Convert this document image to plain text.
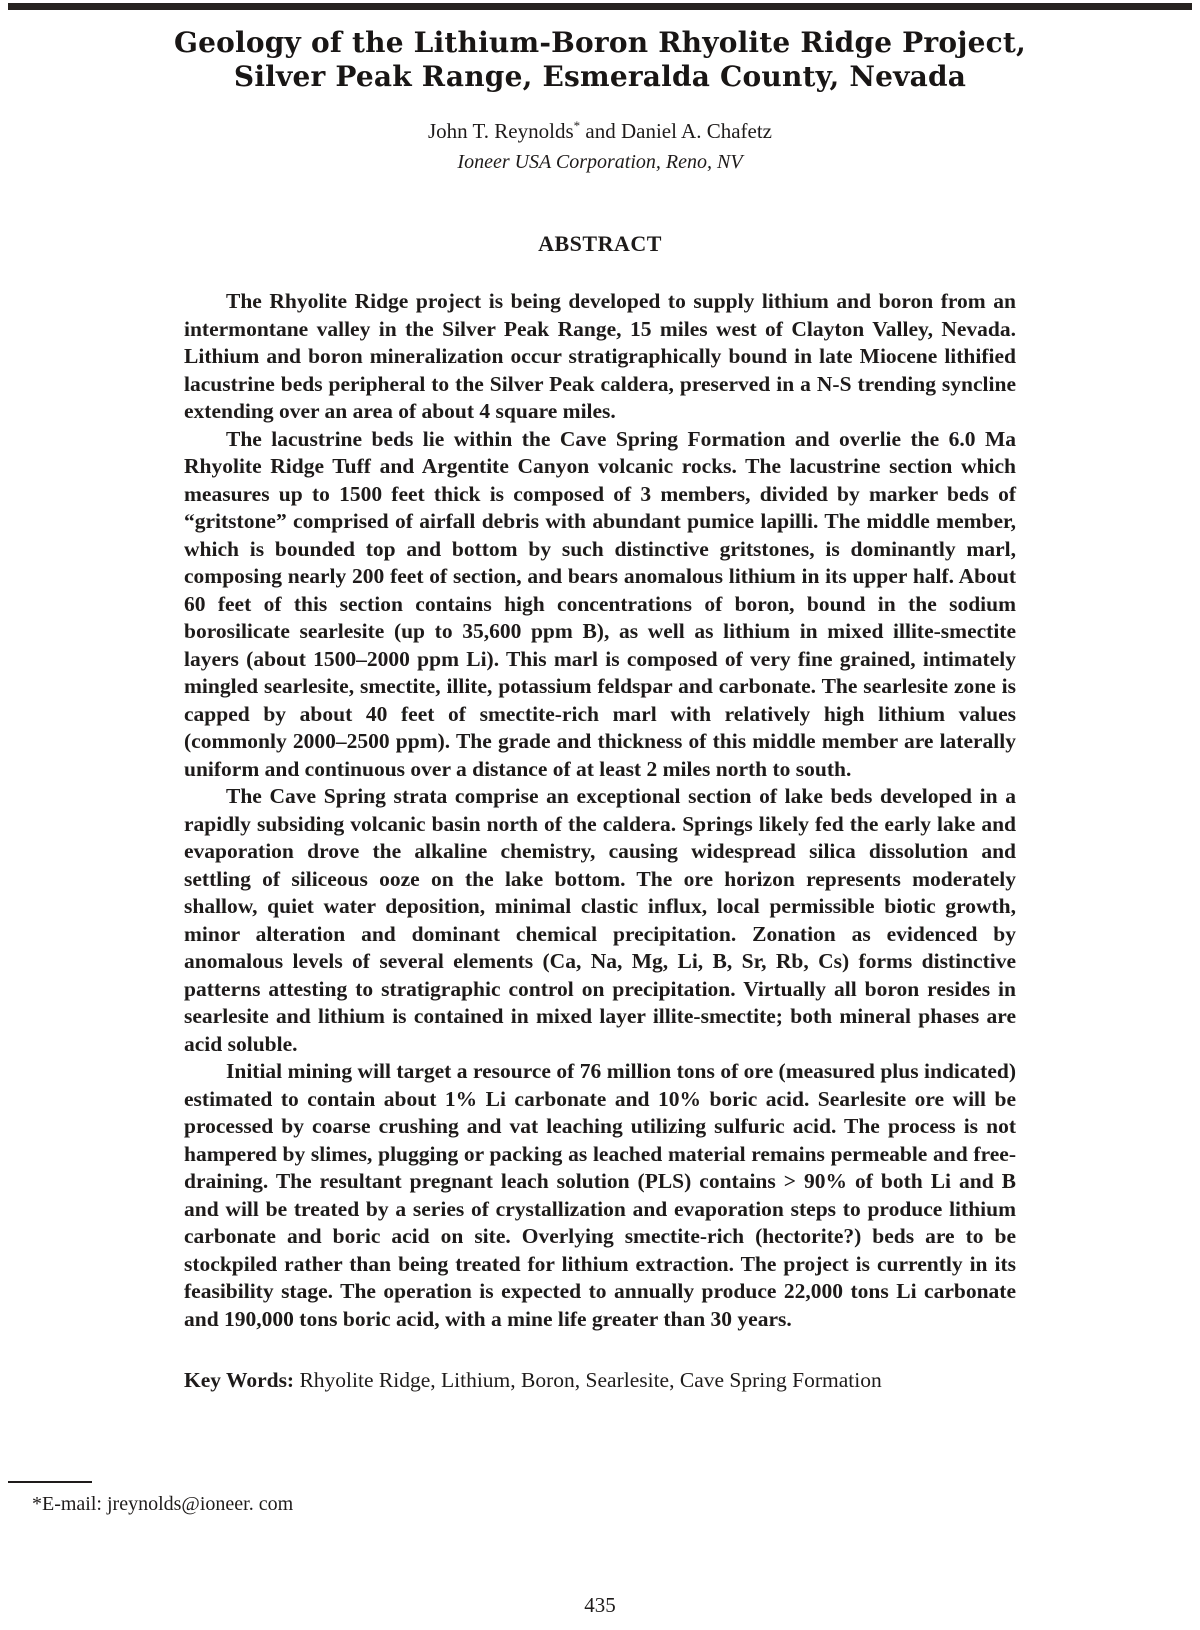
Geology of the Lithium-Boron Rhyolite Ridge Project,
Silver Peak Range, Esmeralda County, Nevada
John T. Reynolds* and Daniel A. Chafetz
Ioneer USA Corporation, Reno, NV
ABSTRACT

The Rhyolite Ridge project is being developed to supply lithium and boron from an intermontane valley in the Silver Peak Range, 15 miles west of Clayton Valley, Nevada. Lithium and boron mineralization occur stratigraphically bound in late Miocene lithified lacustrine beds peripheral to the Silver Peak caldera, preserved in a N-S trending syncline extending over an area of about 4 square miles.

The lacustrine beds lie within the Cave Spring Formation and overlie the 6.0 Ma Rhyolite Ridge Tuff and Argentite Canyon volcanic rocks. The lacustrine section which measures up to 1500 feet thick is composed of 3 members, divided by marker beds of “gritstone” comprised of airfall debris with abundant pumice lapilli. The middle member, which is bounded top and bottom by such distinctive gritstones, is dominantly marl, composing nearly 200 feet of section, and bears anomalous lithium in its upper half. About 60 feet of this section contains high concentrations of boron, bound in the sodium borosilicate searlesite (up to 35,600 ppm B), as well as lithium in mixed illite-smectite layers (about 1500–2000 ppm Li). This marl is composed of very fine grained, intimately mingled searlesite, smectite, illite, potassium feldspar and carbonate. The searlesite zone is capped by about 40 feet of smectite-rich marl with relatively high lithium values (commonly 2000–2500 ppm). The grade and thickness of this middle member are laterally uniform and continuous over a distance of at least 2 miles north to south.

The Cave Spring strata comprise an exceptional section of lake beds developed in a rapidly subsiding volcanic basin north of the caldera. Springs likely fed the early lake and evaporation drove the alkaline chemistry, causing widespread silica dissolution and settling of siliceous ooze on the lake bottom. The ore horizon represents moderately shallow, quiet water deposition, minimal clastic influx, local permissible biotic growth, minor alteration and dominant chemical precipitation. Zonation as evidenced by anomalous levels of several elements (Ca, Na, Mg, Li, B, Sr, Rb, Cs) forms distinctive patterns attesting to stratigraphic control on precipitation. Virtually all boron resides in searlesite and lithium is contained in mixed layer illite-smectite; both mineral phases are acid soluble.

Initial mining will target a resource of 76 million tons of ore (measured plus indicated) estimated to contain about 1% Li carbonate and 10% boric acid. Searlesite ore will be processed by coarse crushing and vat leaching utilizing sulfuric acid. The process is not hampered by slimes, plugging or packing as leached material remains permeable and free-draining. The resultant pregnant leach solution (PLS) contains > 90% of both Li and B and will be treated by a series of crystallization and evaporation steps to produce lithium carbonate and boric acid on site. Overlying smectite-rich (hectorite?) beds are to be stockpiled rather than being treated for lithium extraction. The project is currently in its feasibility stage. The operation is expected to annually produce 22,000 tons Li carbonate and 190,000 tons boric acid, with a mine life greater than 30 years.

Key Words: Rhyolite Ridge, Lithium, Boron, Searlesite, Cave Spring Formation

*E-mail: jreynolds@ioneer. com

435
